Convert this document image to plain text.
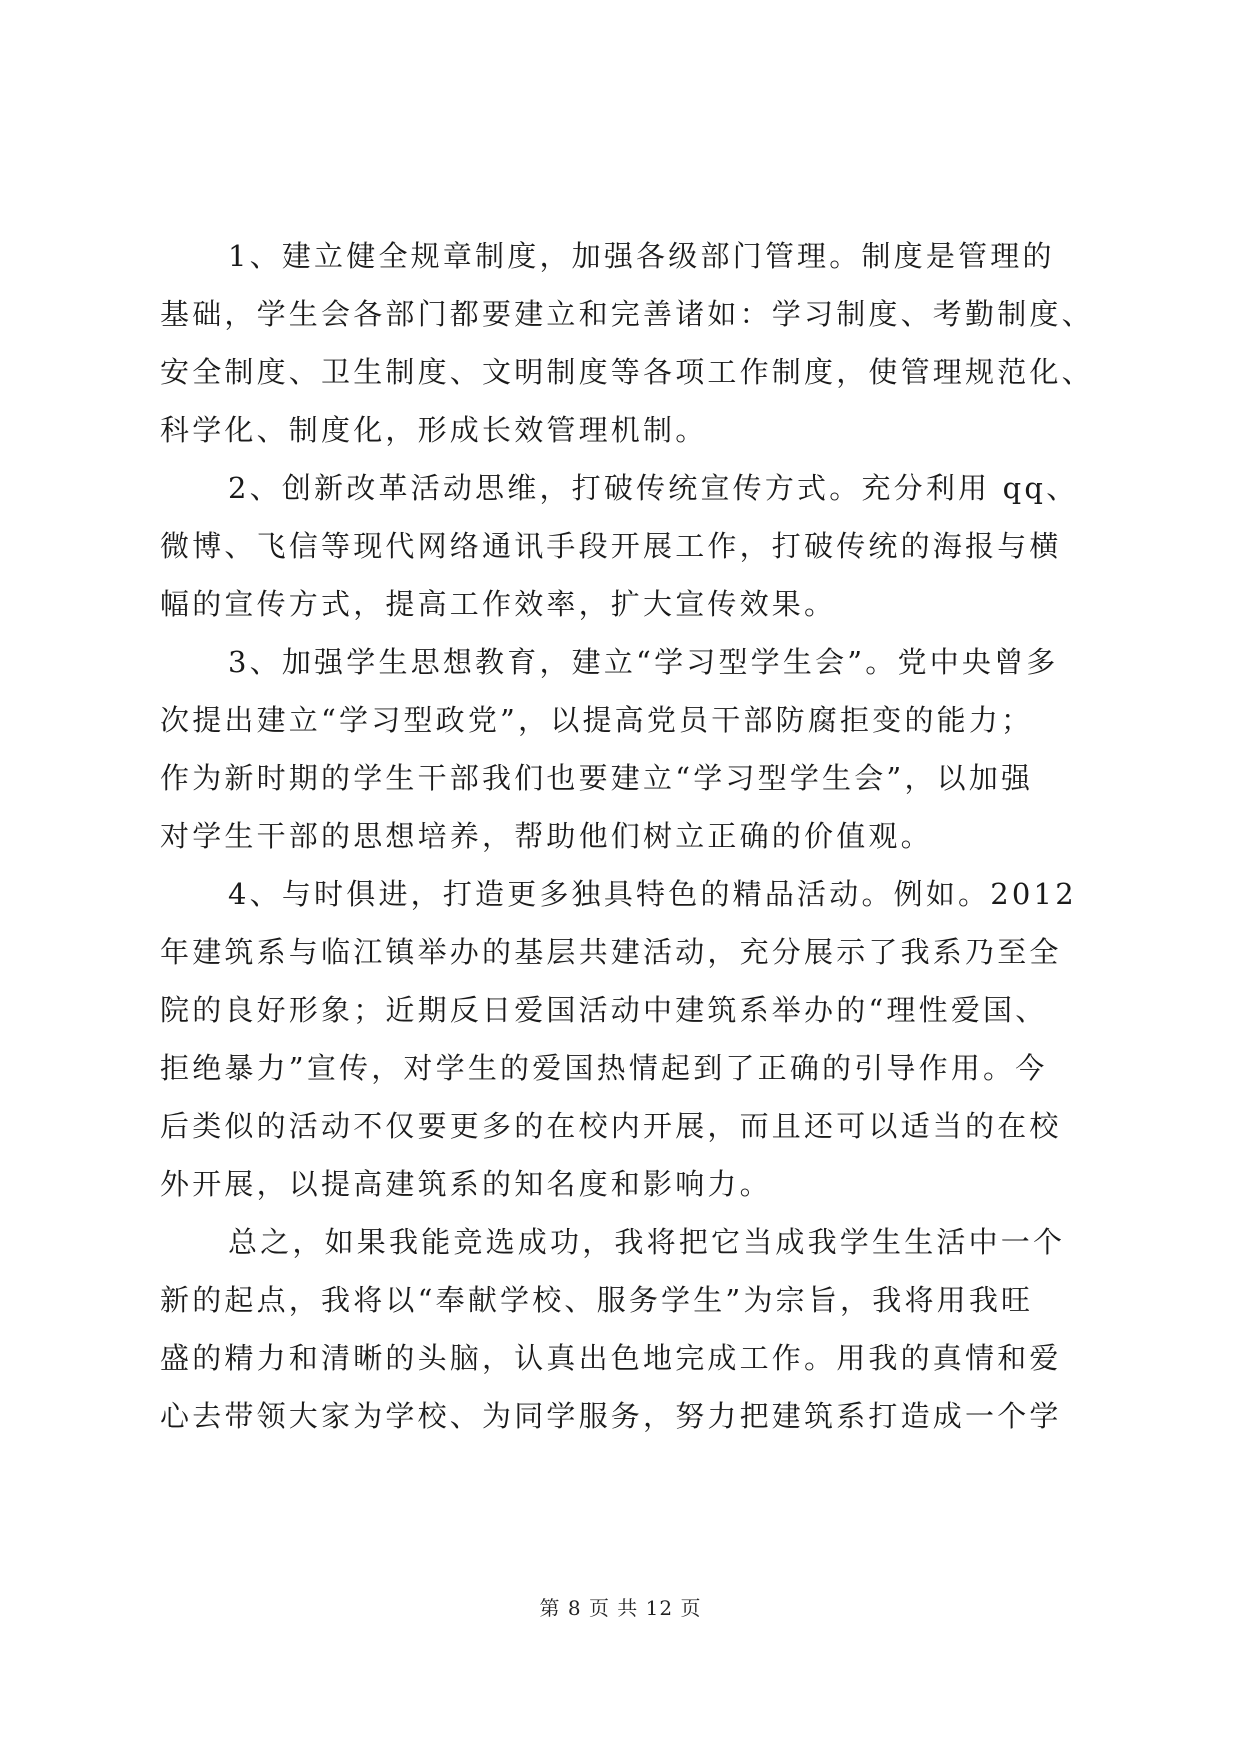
1、建立健全规章制度，加强各级部门管理。制度是管理的
基础，学生会各部门都要建立和完善诸如：学习制度、考勤制度、
安全制度、卫生制度、文明制度等各项工作制度，使管理规范化、
科学化、制度化，形成长效管理机制。
2、创新改革活动思维，打破传统宣传方式。充分利用 qq、
微博、飞信等现代网络通讯手段开展工作，打破传统的海报与横
幅的宣传方式，提高工作效率，扩大宣传效果。
3、加强学生思想教育，建立“学习型学生会”。党中央曾多
次提出建立“学习型政党”，以提高党员干部防腐拒变的能力；
作为新时期的学生干部我们也要建立“学习型学生会”，以加强
对学生干部的思想培养，帮助他们树立正确的价值观。
4、与时俱进，打造更多独具特色的精品活动。例如。2012
年建筑系与临江镇举办的基层共建活动，充分展示了我系乃至全
院的良好形象；近期反日爱国活动中建筑系举办的“理性爱国、
拒绝暴力”宣传，对学生的爱国热情起到了正确的引导作用。今
后类似的活动不仅要更多的在校内开展，而且还可以适当的在校
外开展，以提高建筑系的知名度和影响力。
总之，如果我能竞选成功，我将把它当成我学生生活中一个
新的起点，我将以“奉献学校、服务学生”为宗旨，我将用我旺
盛的精力和清晰的头脑，认真出色地完成工作。用我的真情和爱
心去带领大家为学校、为同学服务，努力把建筑系打造成一个学
第 8 页 共 12 页
